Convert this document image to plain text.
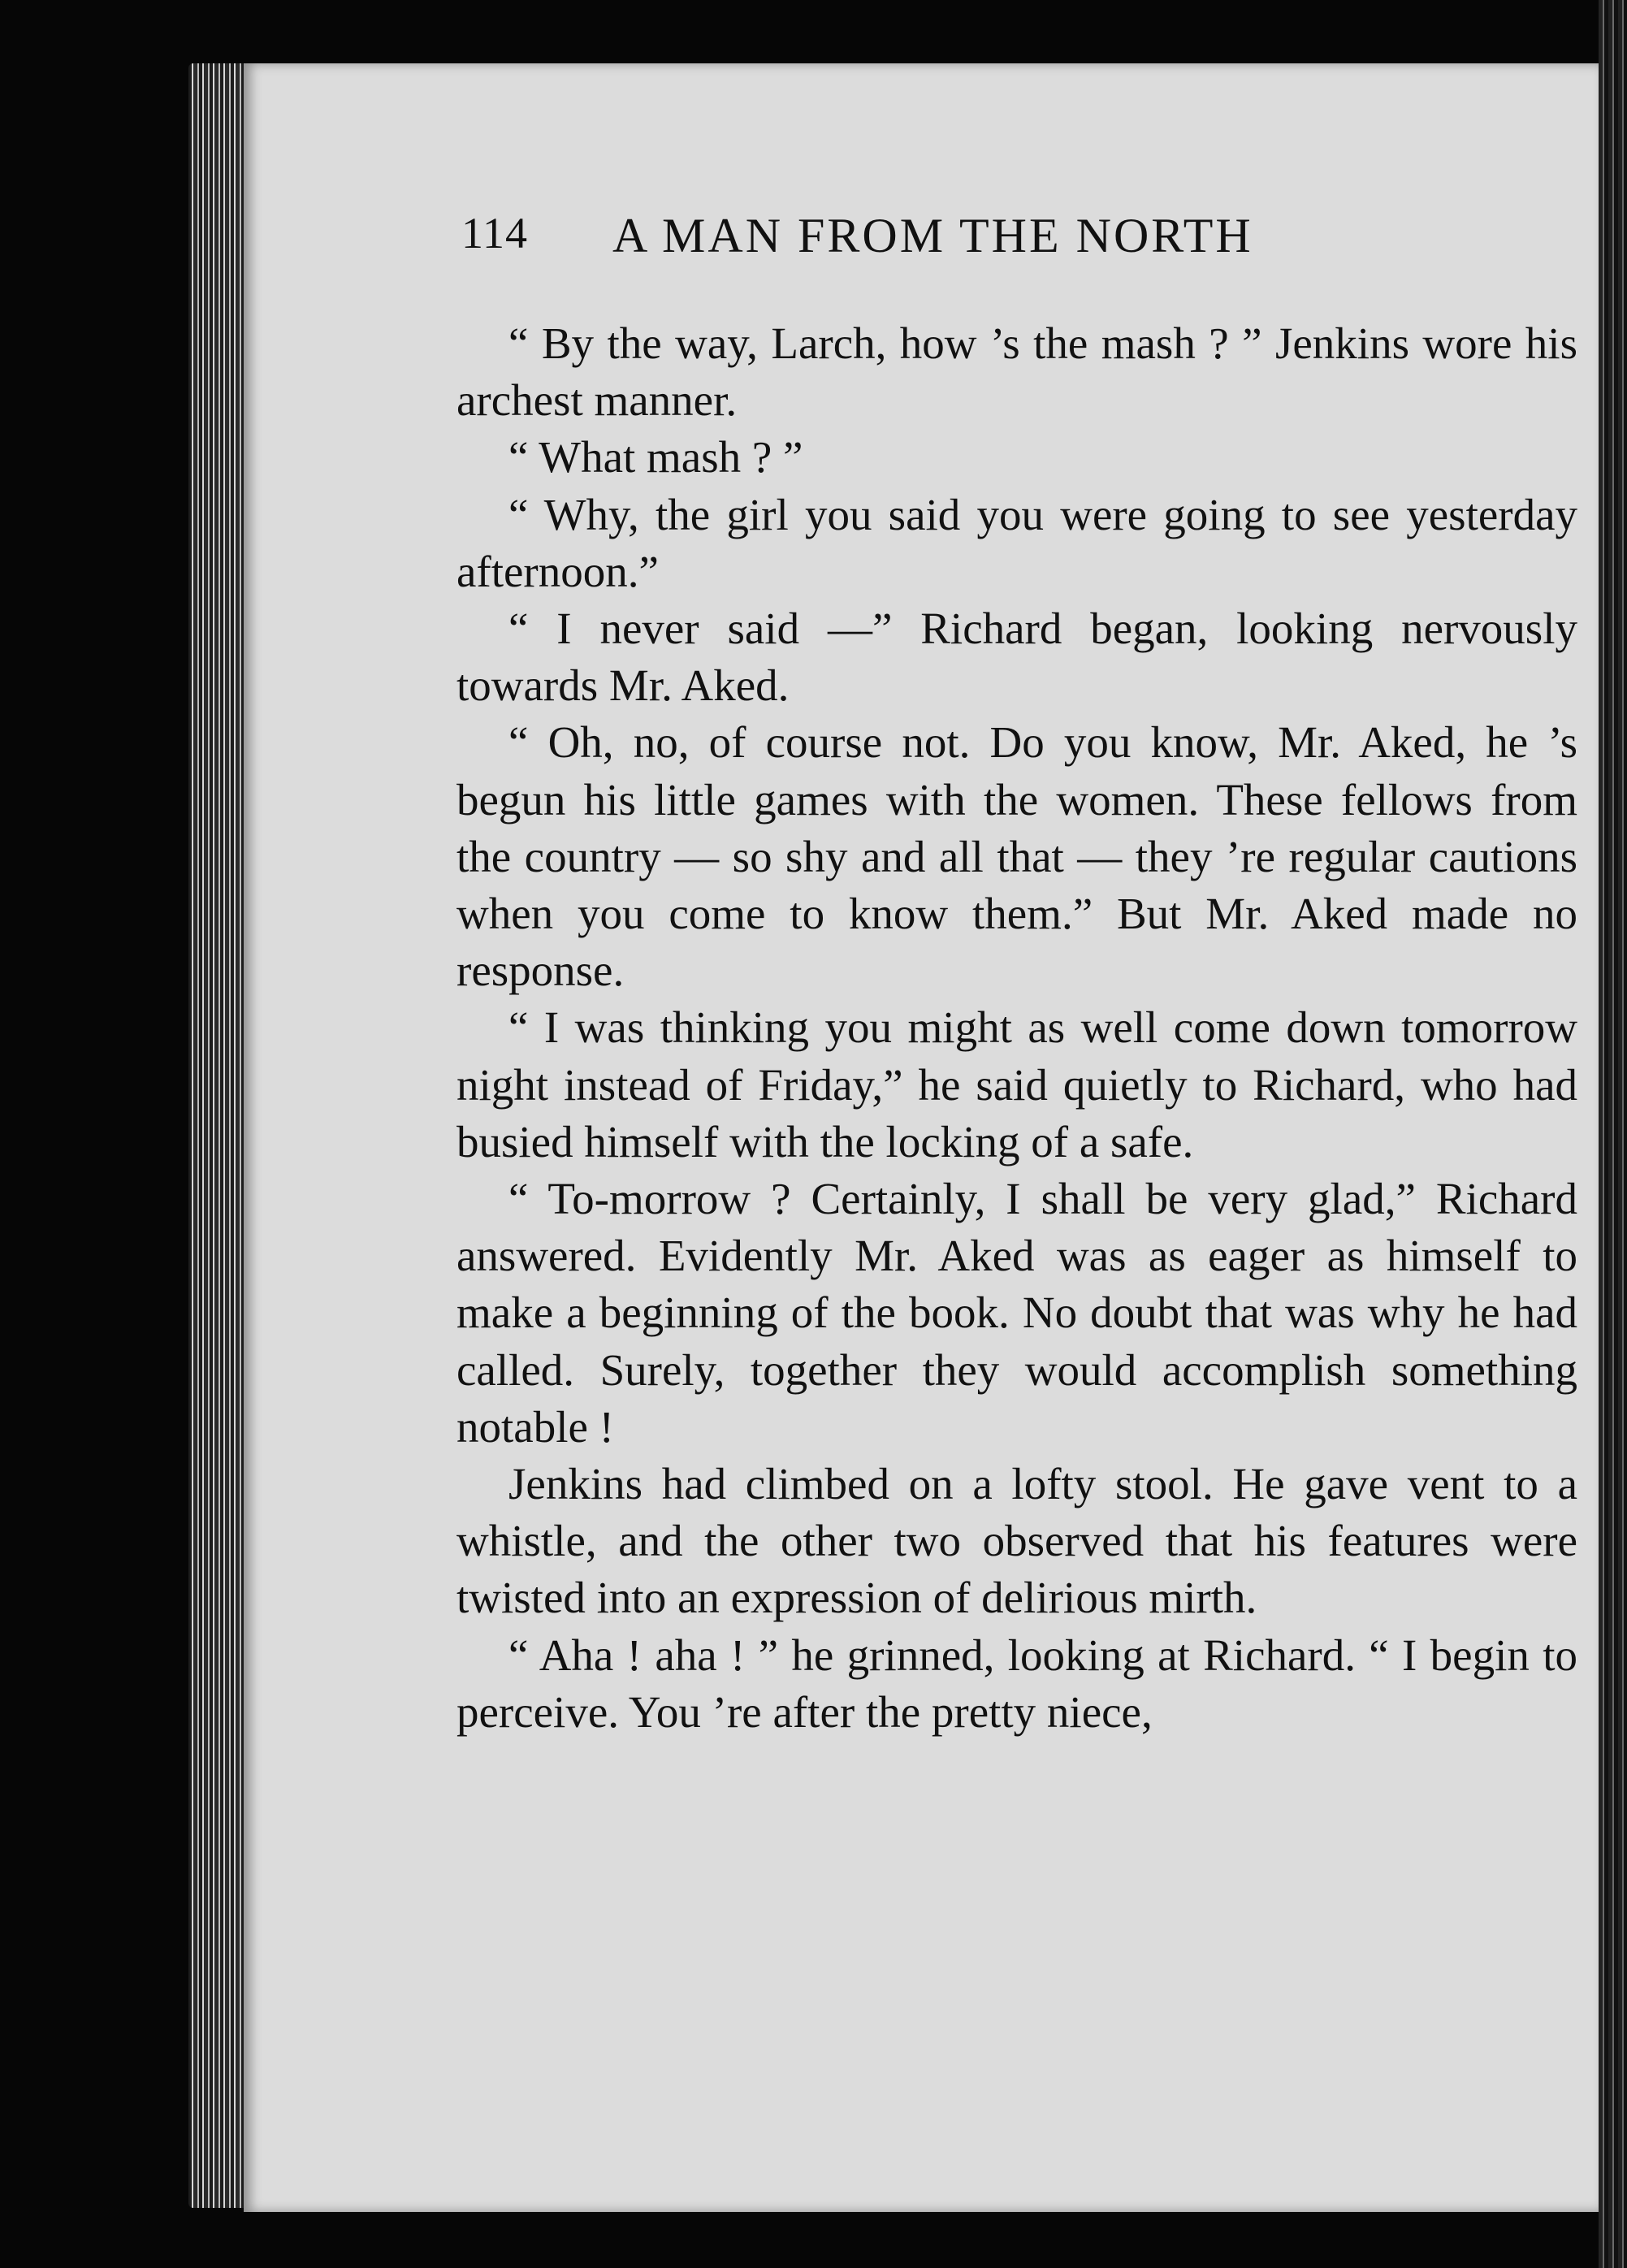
114 A MAN FROM THE NORTH

“ By the way, Larch, how ’s the mash ? ” Jenkins wore his archest manner.

“ What mash ? ”

“ Why, the girl you said you were going to see yesterday afternoon.”

“ I never said —” Richard began, looking nervously towards Mr. Aked.

“ Oh, no, of course not. Do you know, Mr. Aked, he ’s begun his little games with the women. These fellows from the country — so shy and all that — they ’re regular cautions when you come to know them.” But Mr. Aked made no response.

“ I was thinking you might as well come down tomorrow night instead of Friday,” he said quietly to Richard, who had busied himself with the locking of a safe.

“ To-morrow ? Certainly, I shall be very glad,” Richard answered. Evidently Mr. Aked was as eager as himself to make a beginning of the book. No doubt that was why he had called. Surely, together they would accomplish something notable !

Jenkins had climbed on a lofty stool. He gave vent to a whistle, and the other two observed that his features were twisted into an expression of delirious mirth.

“ Aha ! aha ! ” he grinned, looking at Richard. “ I begin to perceive. You ’re after the pretty niece,
